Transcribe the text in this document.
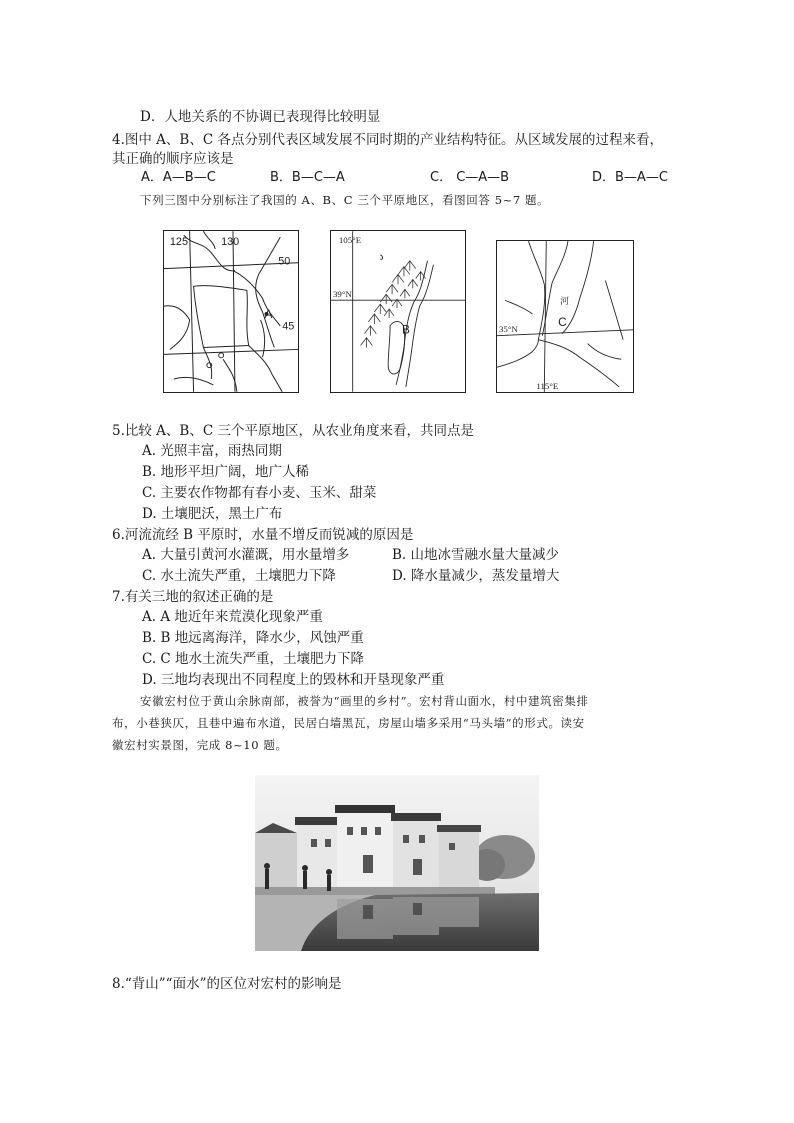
D．人地关系的不协调已表现得比较明显
4.图中 A、B、C 各点分别代表区域发展不同时期的产业结构特征。从区域发展的过程来看，
其正确的顺序应该是
A．A—B—C	B．B—C—A	C． C—A—B	D．B—A—C
下列三图中分别标注了我国的 A、B、C 三个平原地区，看图回答 5~7 题。
125	130
50
45
A
105°E
39°N
B	35°N
115°E
河
C
5.比较 A、B、C 三个平原地区，从农业角度来看，共同点是
A. 光照丰富，雨热同期
B. 地形平坦广阔，地广人稀
C. 主要农作物都有春小麦、玉米、甜菜
D. 土壤肥沃，黑土广布
6.河流流经 B 平原时，水量不增反而锐减的原因是
A. 大量引黄河水灌溉，用水量增多	B. 山地冰雪融水量大量减少
C. 水土流失严重，土壤肥力下降	D. 降水量减少，蒸发量增大
7.有关三地的叙述正确的是
A. A 地近年来荒漠化现象严重
B. B 地远离海洋，降水少，风蚀严重
C. C 地水土流失严重，土壤肥力下降
D. 三地均表现出不同程度上的毁林和开垦现象严重
安徽宏村位于黄山余脉南部，被誉为“画里的乡村”。宏村背山面水，村中建筑密集排
布，小巷狭仄，且巷中遍布水道，民居白墙黑瓦，房屋山墙多采用“马头墙”的形式。读安
徽宏村实景图，完成 8~10 题。
8.“背山”“面水”的区位对宏村的影响是
